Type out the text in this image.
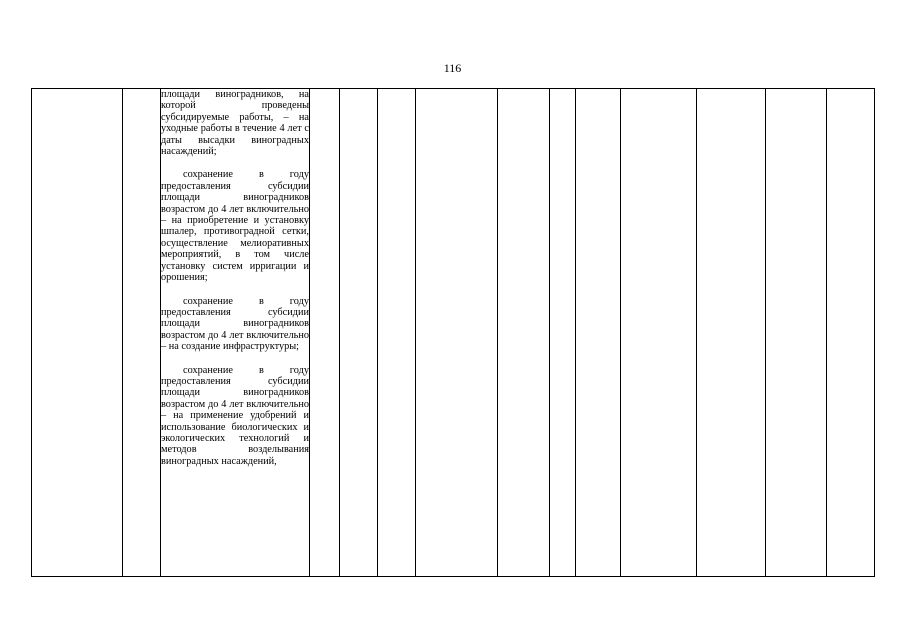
116

площади виноградников, на которой проведены субсидируемые работы, – на уходные работы в течение 4 лет с даты высадки виноградных насаждений;

сохранение в году предоставления субсидии площади виноградников возрастом до 4 лет включительно – на приобретение и установку шпалер, противоградной сетки, осуществление мелиоративных мероприятий, в том числе установку систем ирригации и орошения;

сохранение в году предоставления субсидии площади виноградников возрастом до 4 лет включительно – на создание инфраструктуры;

сохранение в году предоставления субсидии площади виноградников возрастом до 4 лет включительно – на применение удобрений и использование биологических и экологических технологий и методов возделывания виноградных насаждений,
